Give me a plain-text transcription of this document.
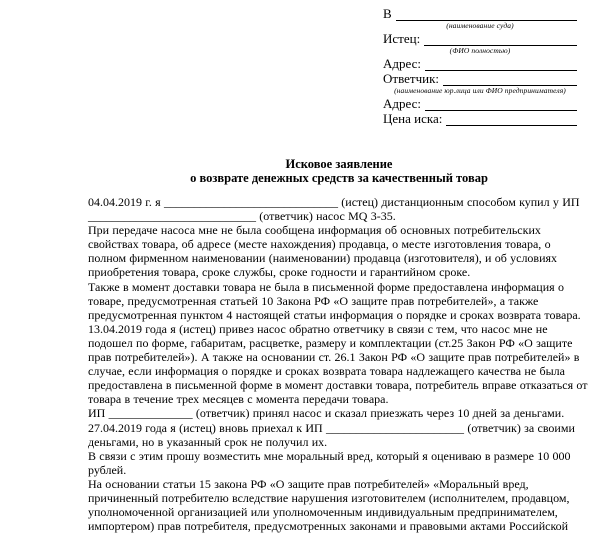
В
(наименование суда)
Истец:
(ФИО полностью)
Адрес:
Ответчик:
(наименование юр.лица или ФИО предпринимателя)
Адрес:
Цена иска:
Исковое заявление
о возврате денежных средств за качественный товар

04.04.2019 г. я _____________________________ (истец) дистанционным способом купил у ИП ____________________________ (ответчик) насос MQ 3-35.

При передаче насоса мне не была сообщена информация об основных потребительских свойствах товара, об адресе (месте нахождения) продавца, о месте изготовления товара, о полном фирменном наименовании (наименовании) продавца (изготовителя), и об условиях приобретения товара, сроке службы, сроке годности и гарантийном сроке.

Также в момент доставки товара не была в письменной форме предоставлена информация о товаре, предусмотренная статьей 10 Закона РФ «О защите прав потребителей», а также предусмотренная пунктом 4 настоящей статьи информация о порядке и сроках возврата товара.

13.04.2019 года я (истец) привез насос обратно ответчику в связи с тем, что насос мне не подошел по форме, габаритам, расцветке, размеру и комплектации (ст.25 Закон РФ «О защите прав потребителей»). А также на основании ст. 26.1 Закон РФ «О защите прав потребителей» в случае, если информация о порядке и сроках возврата товара надлежащего качества не была предоставлена в письменной форме в момент доставки товара, потребитель вправе отказаться от товара в течение трех месяцев с момента передачи товара.

ИП ______________ (ответчик) принял насос и сказал приезжать через 10 дней за деньгами.

27.04.2019 года я (истец) вновь приехал к ИП _______________________ (ответчик) за своими деньгами, но в указанный срок не получил их.

В связи с этим прошу возместить мне моральный вред, который я оцениваю в размере 10 000 рублей.

На основании статьи 15 закона РФ «О защите прав потребителей» «Моральный вред, причиненный потребителю вследствие нарушения изготовителем (исполнителем, продавцом, уполномоченной организацией или уполномоченным индивидуальным предпринимателем, импортером) прав потребителя, предусмотренных законами и правовыми актами Российской
